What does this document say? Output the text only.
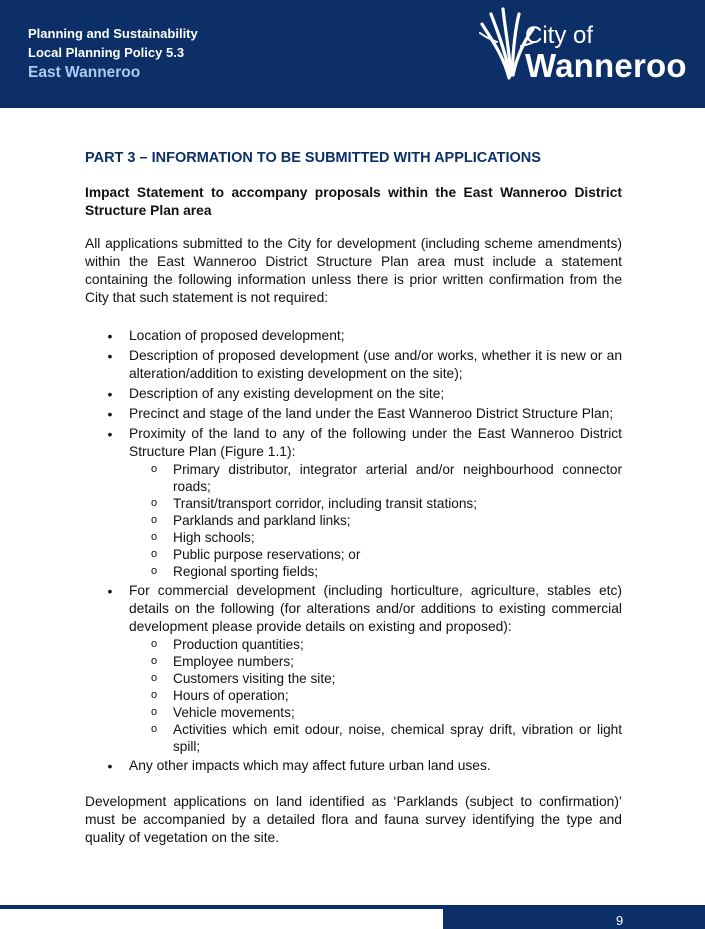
Planning and Sustainability
Local Planning Policy 5.3
East Wanneroo
City of
Wanneroo
PART 3 – INFORMATION TO BE SUBMITTED WITH APPLICATIONS

Impact Statement to accompany proposals within the East Wanneroo District Structure Plan area

All applications submitted to the City for development (including scheme amendments) within the East Wanneroo District Structure Plan area must include a statement containing the following information unless there is prior written confirmation from the City that such statement is not required:

• Location of proposed development;
• Description of proposed development (use and/or works, whether it is new or an alteration/addition to existing development on the site);
• Description of any existing development on the site;
• Precinct and stage of the land under the East Wanneroo District Structure Plan;
• Proximity of the land to any of the following under the East Wanneroo District Structure Plan (Figure 1.1):
o Primary distributor, integrator arterial and/or neighbourhood connector roads;
o Transit/transport corridor, including transit stations;
o Parklands and parkland links;
o High schools;
o Public purpose reservations; or
o Regional sporting fields;
• For commercial development (including horticulture, agriculture, stables etc) details on the following (for alterations and/or additions to existing commercial development please provide details on existing and proposed):
o Production quantities;
o Employee numbers;
o Customers visiting the site;
o Hours of operation;
o Vehicle movements;
o Activities which emit odour, noise, chemical spray drift, vibration or light spill;
• Any other impacts which may affect future urban land uses.

Development applications on land identified as ‘Parklands (subject to confirmation)’ must be accompanied by a detailed flora and fauna survey identifying the type and quality of vegetation on the site.

9
